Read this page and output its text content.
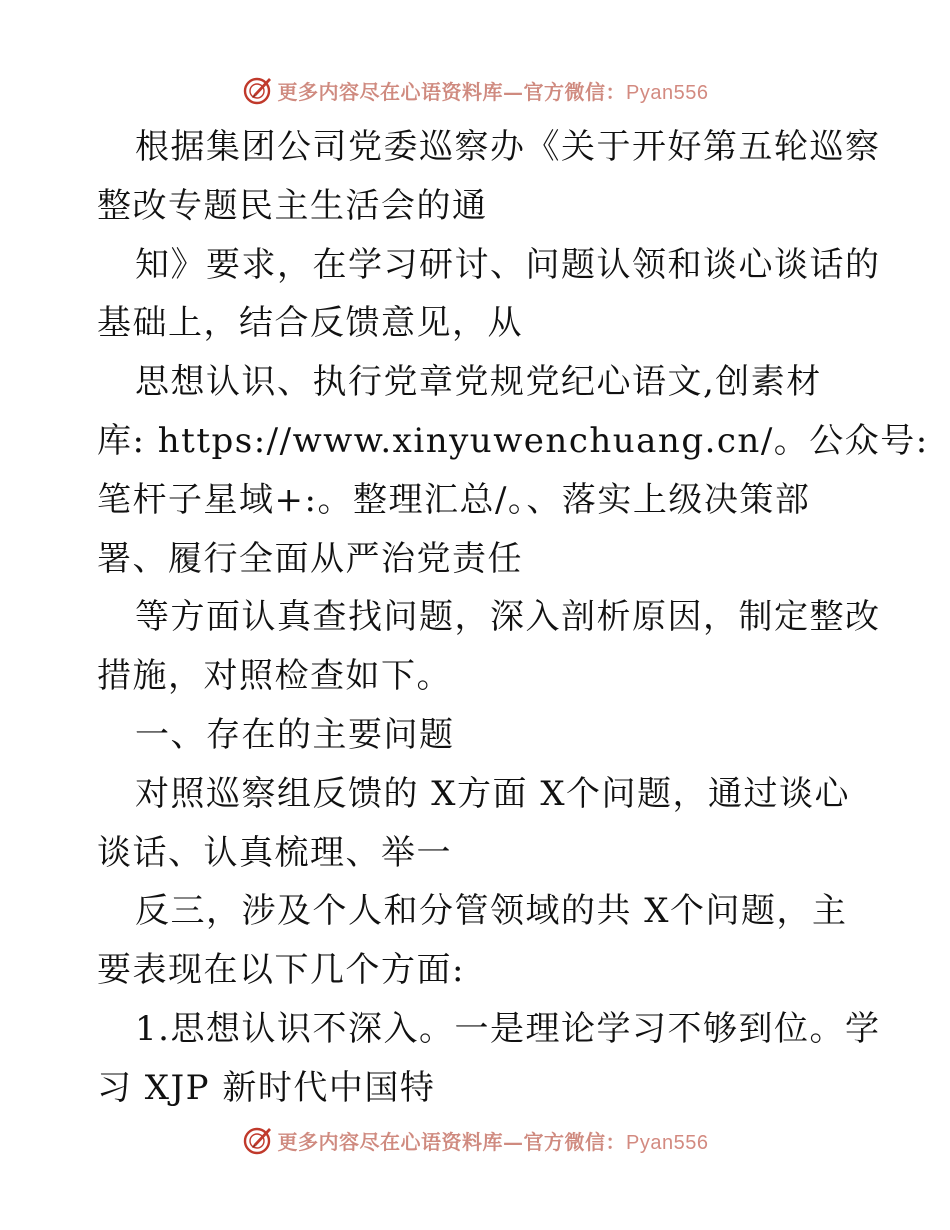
更多内容尽在心语资料库—官方微信：Pyan556
根据集团公司党委巡察办《关于开好第五轮巡察
整改专题民主生活会的通
知》要求，在学习研讨、问题认领和谈心谈话的
基础上，结合反馈意见，从
思想认识、执行党章党规党纪心语文,创素材
库: https://www.xinyuwenchuang.cn/。公众号:
笔杆子星域+:。整理汇总/。、落实上级决策部
署、履行全面从严治党责任
等方面认真查找问题，深入剖析原因，制定整改
措施，对照检查如下。
一、存在的主要问题
对照巡察组反馈的 X方面 X个问题，通过谈心
谈话、认真梳理、举一
反三，涉及个人和分管领域的共 X个问题，主
要表现在以下几个方面:
1.思想认识不深入。一是理论学习不够到位。学
习 XJP 新时代中国特
更多内容尽在心语资料库—官方微信：Pyan556
